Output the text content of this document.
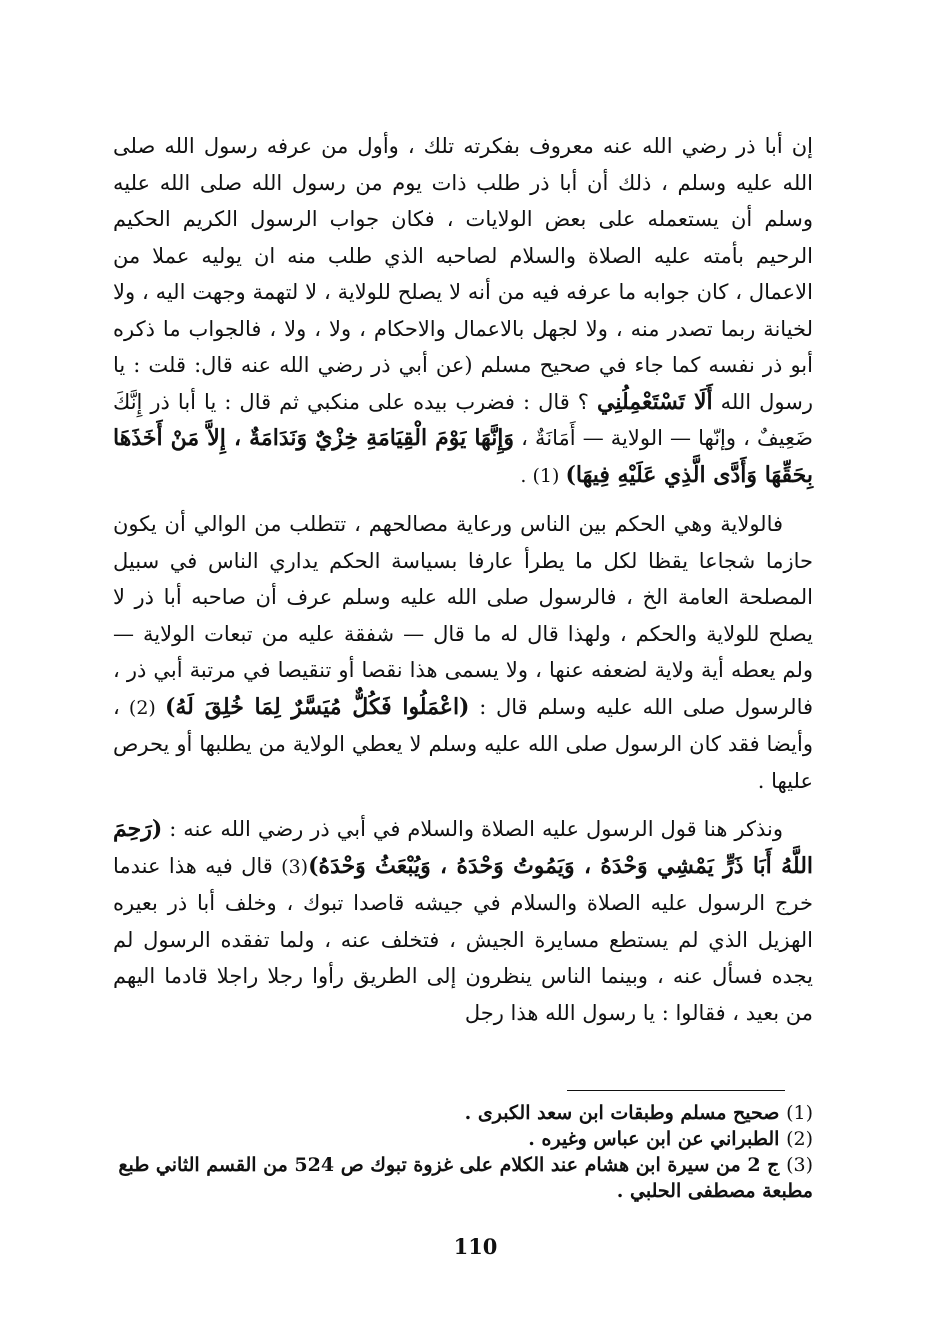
إن أبا ذر رضي الله عنه معروف بفكرته تلك ، وأول من عرفه رسول الله صلى الله عليه وسلم ، ذلك أن أبا ذر طلب ذات يوم من رسول الله صلى الله عليه وسلم أن يستعمله على بعض الولايات ، فكان جواب الرسول الكريم الحكيم الرحيم بأمته عليه الصلاة والسلام لصاحبه الذي طلب منه ان يوليه عملا من الاعمال ، كان جوابه ما عرفه فيه من أنه لا يصلح للولاية ، لا لتهمة وجهت اليه ، ولا لخيانة ربما تصدر منه ، ولا لجهل بالاعمال والاحكام ، ولا ، ولا ، فالجواب ما ذكره أبو ذر نفسه كما جاء في صحيح مسلم (عن أبي ذر رضي الله عنه قال: قلت : يا رسول الله أَلَا تَسْتَعْمِلُنِي ؟ قال : فضرب بيده على منكبي ثم قال : يا أبا ذر إِنَّكَ ضَعِيفٌ ، وإنّها — الولاية — أَمَانَةٌ ، وَإِنَّهَا يَوْمَ الْقِيَامَةِ خِزْيٌ وَنَدَامَةٌ ، إِلاَّ مَنْ أَخَذَهَا بِحَقِّهَا وَأَدَّى الَّذِي عَلَيْهِ فِيهَا) (1) .

فالولاية وهي الحكم بين الناس ورعاية مصالحهم ، تتطلب من الوالي أن يكون حازما شجاعا يقظا لكل ما يطرأ عارفا بسياسة الحكم يداري الناس في سبيل المصلحة العامة الخ ، فالرسول صلى الله عليه وسلم عرف أن صاحبه أبا ذر لا يصلح للولاية والحكم ، ولهذا قال له ما قال — شفقة عليه من تبعات الولاية — ولم يعطه أية ولاية لضعفه عنها ، ولا يسمى هذا نقصا أو تنقيصا في مرتبة أبي ذر ، فالرسول صلى الله عليه وسلم قال : (اعْمَلُوا فَكُلٌّ مُيَسَّرٌ لِمَا خُلِقَ لَهُ) (2) ، وأيضا فقد كان الرسول صلى الله عليه وسلم لا يعطي الولاية من يطلبها أو يحرص عليها .

ونذكر هنا قول الرسول عليه الصلاة والسلام في أبي ذر رضي الله عنه : (رَحِمَ اللَّهُ أَبَا ذَرٍّ يَمْشِي وَحْدَهُ ، وَيَمُوتُ وَحْدَهُ ، وَيُبْعَثُ وَحْدَهُ)(3) قال فيه هذا عندما خرج الرسول عليه الصلاة والسلام في جيشه قاصدا تبوك ، وخلف أبا ذر بعيره الهزيل الذي لم يستطع مسايرة الجيش ، فتخلف عنه ، ولما تفقده الرسول لم يجده فسأل عنه ، وبينما الناس ينظرون إلى الطريق رأوا رجلا راجلا قادما اليهم من بعيد ، فقالوا : يا رسول الله هذا رجل

(1) صحيح مسلم وطبقات ابن سعد الكبرى .

(2) الطبراني عن ابن عباس وغيره .

(3) ج 2 من سيرة ابن هشام عند الكلام على غزوة تبوك ص 524 من القسم الثاني طبع مطبعة مصطفى الحلبي .

110
